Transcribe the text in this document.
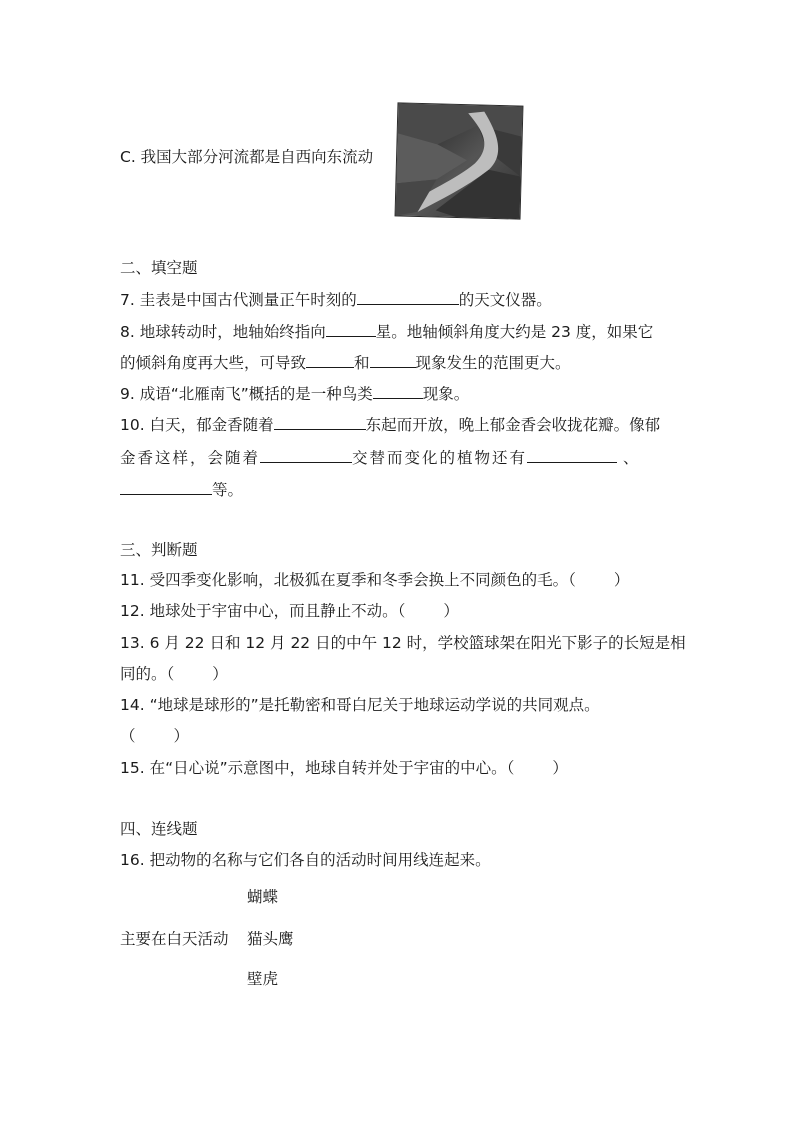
C. 我国大部分河流都是自西向东流动
二、填空题
7. 圭表是中国古代测量正午时刻的	的天文仪器。
8. 地球转动时，地轴始终指向	星。地轴倾斜角度大约是 23 度，如果它
的倾斜角度再大些，可导致	和	现象发生的范围更大。
9. 成语“北雁南飞”概括的是一种鸟类	现象。
10. 白天，郁金香随着	东起而开放，晚上郁金香会收拢花瓣。像郁
金香这样，会随着	交替而变化的植物还有	、
等。
三、判断题
11. 受四季变化影响，北极狐在夏季和冬季会换上不同颜色的毛。（ ）
12. 地球处于宇宙中心，而且静止不动。（ ）
13. 6 月 22 日和 12 月 22 日的中午 12 时，学校篮球架在阳光下影子的长短是相
同的。（ ）
14. “地球是球形的”是托勒密和哥白尼关于地球运动学说的共同观点。
（ ）
15. 在“日心说”示意图中，地球自转并处于宇宙的中心。（ ）
四、连线题
16. 把动物的名称与它们各自的活动时间用线连起来。
蝴蝶
主要在白天活动 猫头鹰
壁虎
